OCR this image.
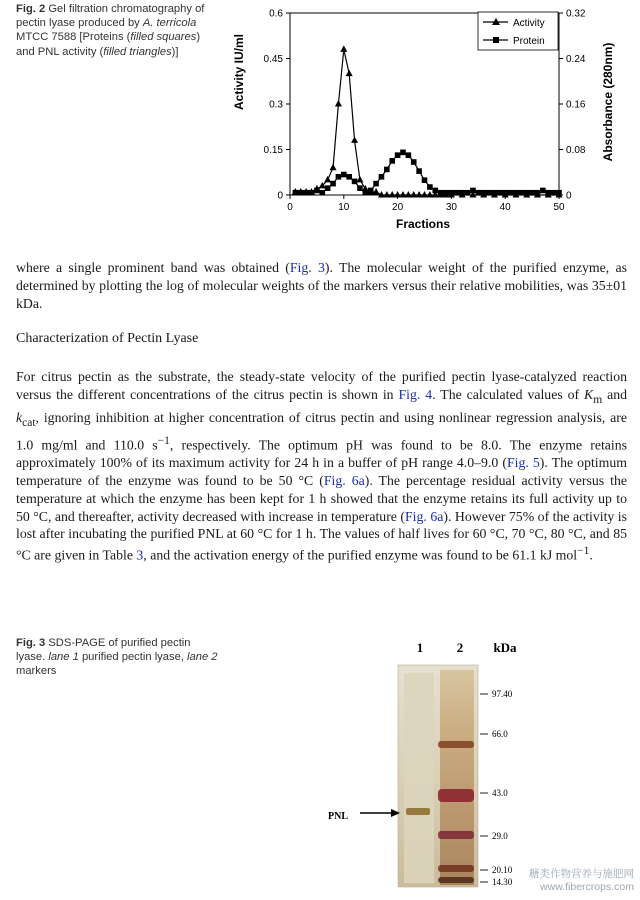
Fig. 2 Gel filtration chromatography of pectin lyase produced by A. terricola MTCC 7588 [Proteins (filled squares) and PNL activity (filled triangles)]
0	10	20	30	40	50
0
0.15
0.3
0.45
0.6
0
0.08
0.16
0.24
0.32
Fractions
Activity IU/ml	Absorbance (280nm)
Activity
Protein
where a single prominent band was obtained (Fig. 3). The molecular weight of the purified enzyme, as determined by plotting the log of molecular weights of the markers versus their relative mobilities, was 35±01 kDa.
Characterization of Pectin Lyase
For citrus pectin as the substrate, the steady-state velocity of the purified pectin lyase-catalyzed reaction versus the different concentrations of the citrus pectin is shown in Fig. 4. The calculated values of $K_m$ and $k_{cat}$, ignoring inhibition at higher concentration of citrus pectin and using nonlinear regression analysis, are 1.0 mg/ml and 110.0 $s^{-1}$, respectively. The optimum pH was found to be 8.0. The enzyme retains approximately 100% of its maximum activity for 24 h in a buffer of pH range 4.0–9.0 (Fig. 5). The optimum temperature of the enzyme was found to be 50 °C (Fig. 6a). The percentage residual activity versus the temperature at which the enzyme has been kept for 1 h showed that the enzyme retains its full activity up to 50 °C, and thereafter, activity decreased with increase in temperature (Fig. 6a). However 75% of the activity is lost after incubating the purified PNL at 60 °C for 1 h. The values of half lives for 60 °C, 70 °C, 80 °C, and 85 °C are given in Table 3, and the activation energy of the purified enzyme was found to be 61.1 kJ mol$^{-1}$.
Fig. 3 SDS-PAGE of purified pectin lyase. lane 1 purified pectin lyase, lane 2 markers
1	2 kDa
97.40
66.0
43.0
29.0
20.10
14.30
PNL
糖类作物营养与施肥网
www.fibercrops.com
